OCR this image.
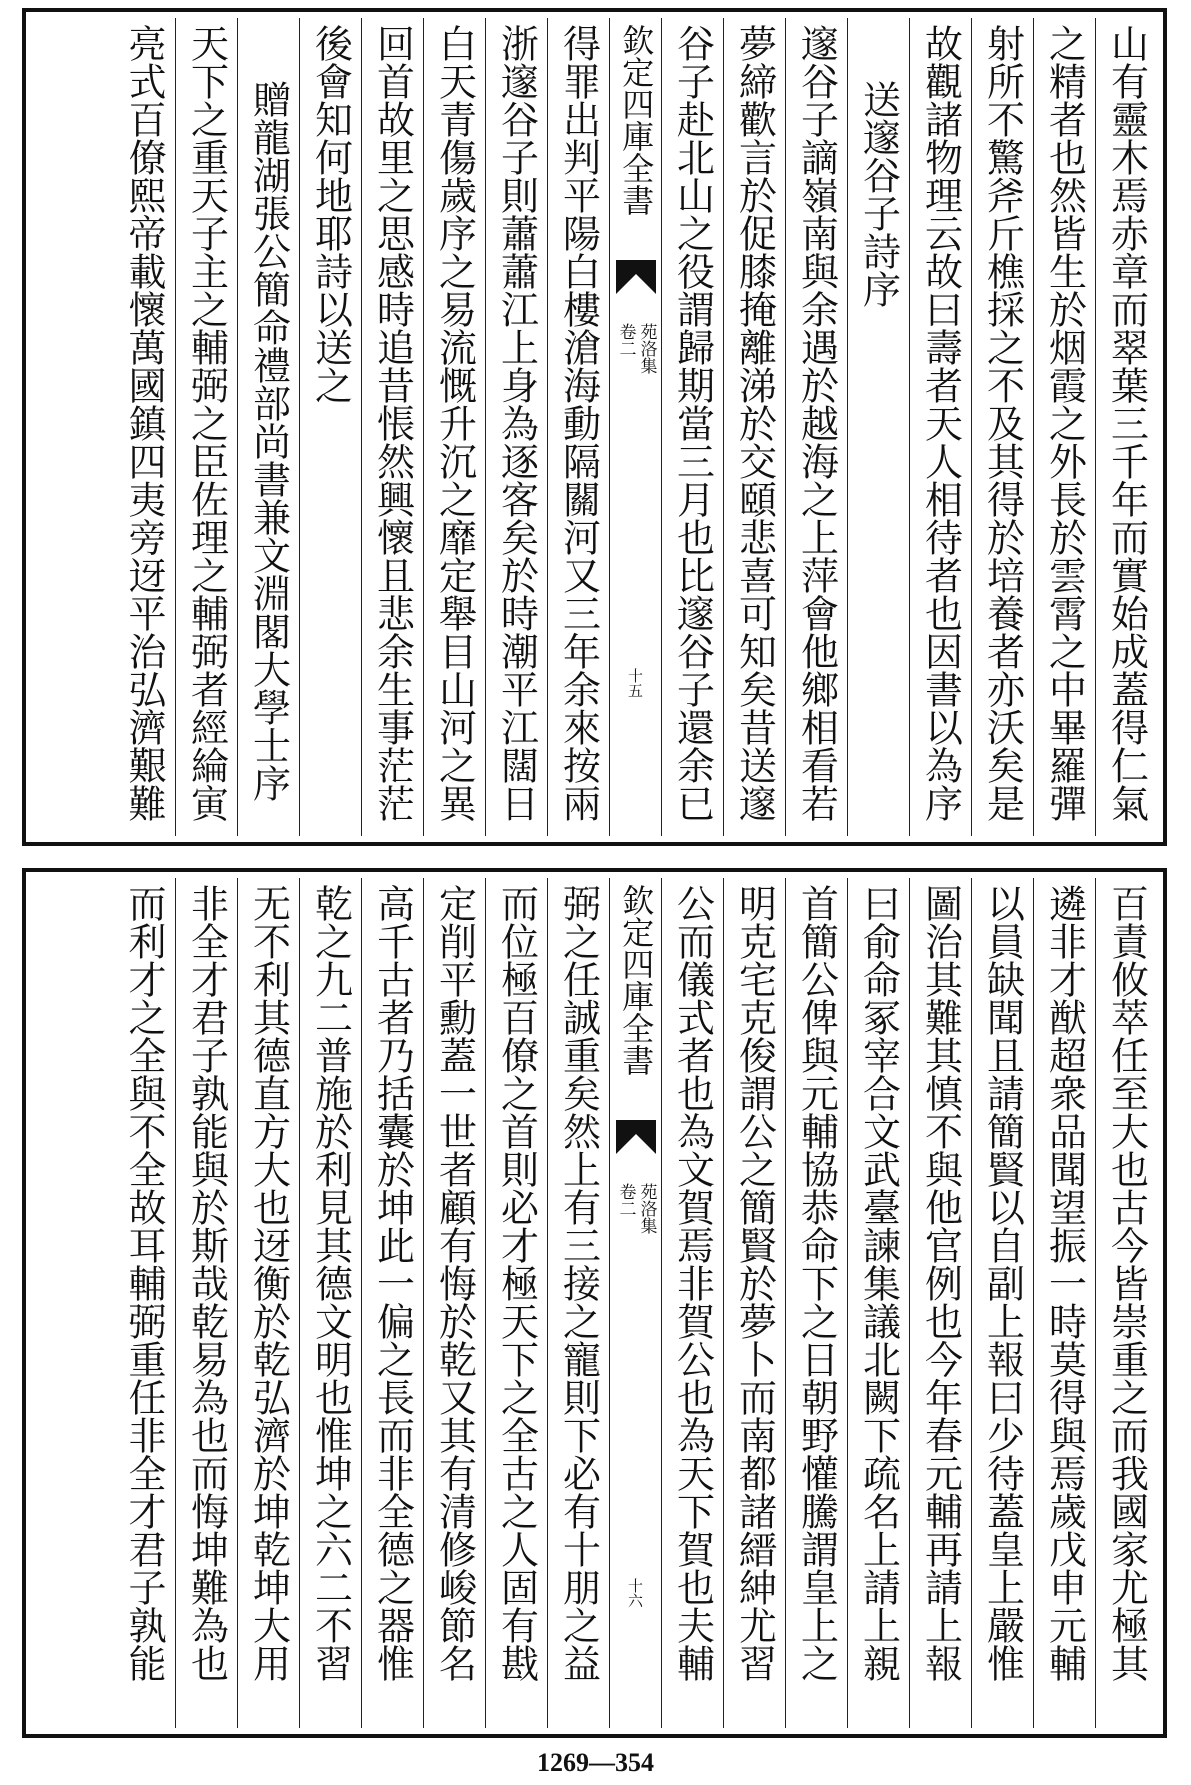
山有靈木焉赤章而翠葉三千年而實始成蓋得仁氣
之精者也然皆生於烟霞之外長於雲霄之中畢羅彈
射所不驚斧斤樵採之不及其得於培養者亦沃矣是
故觀諸物理云故曰壽者天人相待者也因書以為序
送邃谷子詩序
邃谷子謫嶺南與余遇於越海之上萍會他鄉相看若
夢締歡言於促膝掩離涕於交頤悲喜可知矣昔送邃
谷子赴北山之役謂歸期當三月也比邃谷子還余已
欽定四庫全書
卷二 苑洛集
十五
得罪出判平陽白樓滄海動隔關河又三年余來按兩
浙邃谷子則蕭蕭江上身為逐客矣於時潮平江闊日
白天青傷歲序之易流慨升沉之靡定舉目山河之異
回首故里之思感時追昔悵然興懷且悲余生事茫茫
後會知何地耶詩以送之
贈龍湖張公簡命禮部尚書兼文淵閣大學士序
天下之重天子主之輔弼之臣佐理之輔弼者經綸寅
亮式百僚熙帝載懷萬國鎮四夷旁迓平治弘濟艱難
百責攸萃任至大也古今皆崇重之而我國家尤極其
遴非才猷超衆品聞望振一時莫得與焉歲戊申元輔
以員缺聞且請簡賢以自副上報曰少待蓋皇上嚴惟
圖治其難其慎不與他官例也今年春元輔再請上報
曰俞命冢宰合文武臺諫集議北闕下疏名上請上親
首簡公俾與元輔協恭命下之日朝野懽騰謂皇上之
明克宅克俊謂公之簡賢於夢卜而南都諸縉紳尤習
公而儀式者也為文賀焉非賀公也為天下賀也夫輔
欽定四庫全書
卷二 苑洛集
十六
弼之任誠重矣然上有三接之寵則下必有十朋之益
而位極百僚之首則必才極天下之全古之人固有戡
定削平勳蓋一世者顧有悔於乾又其有清修峻節名
高千古者乃括囊於坤此一偏之長而非全德之器惟
乾之九二普施於利見其德文明也惟坤之六二不習
无不利其德直方大也迓衡於乾弘濟於坤乾坤大用
非全才君子孰能與於斯哉乾易為也而悔坤難為也
而利才之全與不全故耳輔弼重任非全才君子孰能
1269—354
